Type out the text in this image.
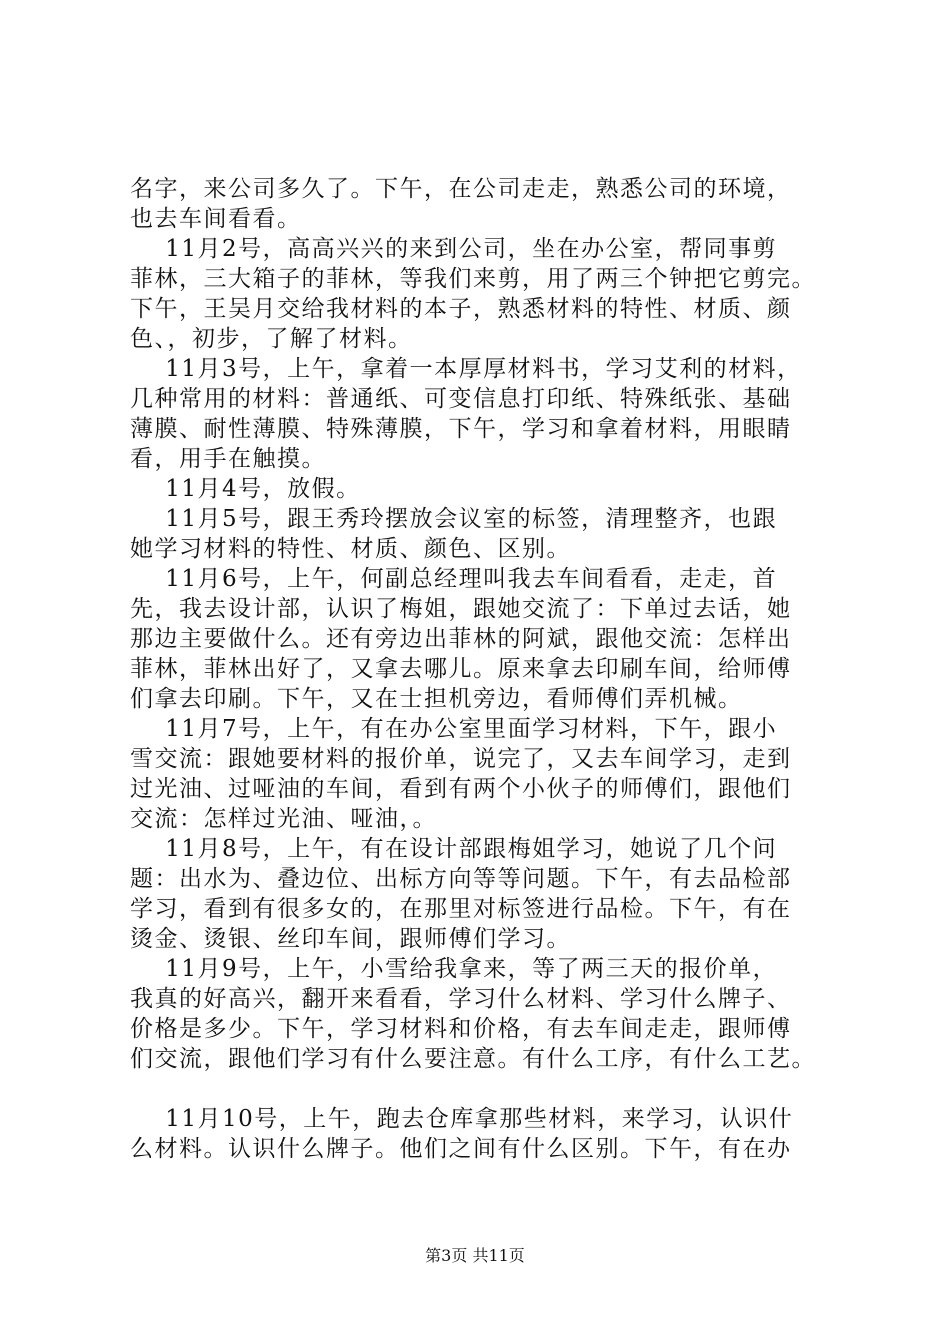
名字，来公司多久了。下午，在公司走走，熟悉公司的环境，
也去车间看看。
11月2号，高高兴兴的来到公司，坐在办公室，帮同事剪
菲林，三大箱子的菲林，等我们来剪，用了两三个钟把它剪完。
下午，王吴月交给我材料的本子，熟悉材料的特性、材质、颜
色、，初步，了解了材料。
11月3号，上午，拿着一本厚厚材料书，学习艾利的材料，
几种常用的材料：普通纸、可变信息打印纸、特殊纸张、基础
薄膜、耐性薄膜、特殊薄膜，下午，学习和拿着材料，用眼睛
看，用手在触摸。
11月4号，放假。
11月5号，跟王秀玲摆放会议室的标签，清理整齐，也跟
她学习材料的特性、材质、颜色、区别。
11月6号，上午，何副总经理叫我去车间看看，走走，首
先，我去设计部，认识了梅姐，跟她交流了：下单过去话，她
那边主要做什么。还有旁边出菲林的阿斌，跟他交流：怎样出
菲林，菲林出好了，又拿去哪儿。原来拿去印刷车间，给师傅
们拿去印刷。下午，又在士担机旁边，看师傅们弄机械。
11月7号，上午，有在办公室里面学习材料，下午，跟小
雪交流：跟她要材料的报价单，说完了，又去车间学习，走到
过光油、过哑油的车间，看到有两个小伙子的师傅们，跟他们
交流：怎样过光油、哑油，。
11月8号，上午，有在设计部跟梅姐学习，她说了几个问
题：出水为、叠边位、出标方向等等问题。下午，有去品检部
学习，看到有很多女的，在那里对标签进行品检。下午，有在
烫金、烫银、丝印车间，跟师傅们学习。
11月9号，上午，小雪给我拿来，等了两三天的报价单，
我真的好高兴，翻开来看看，学习什么材料、学习什么牌子、
价格是多少。下午，学习材料和价格，有去车间走走，跟师傅
们交流，跟他们学习有什么要注意。有什么工序，有什么工艺。
11月10号，上午，跑去仓库拿那些材料，来学习，认识什
么材料。认识什么牌子。他们之间有什么区别。下午，有在办
第3页 共11页
